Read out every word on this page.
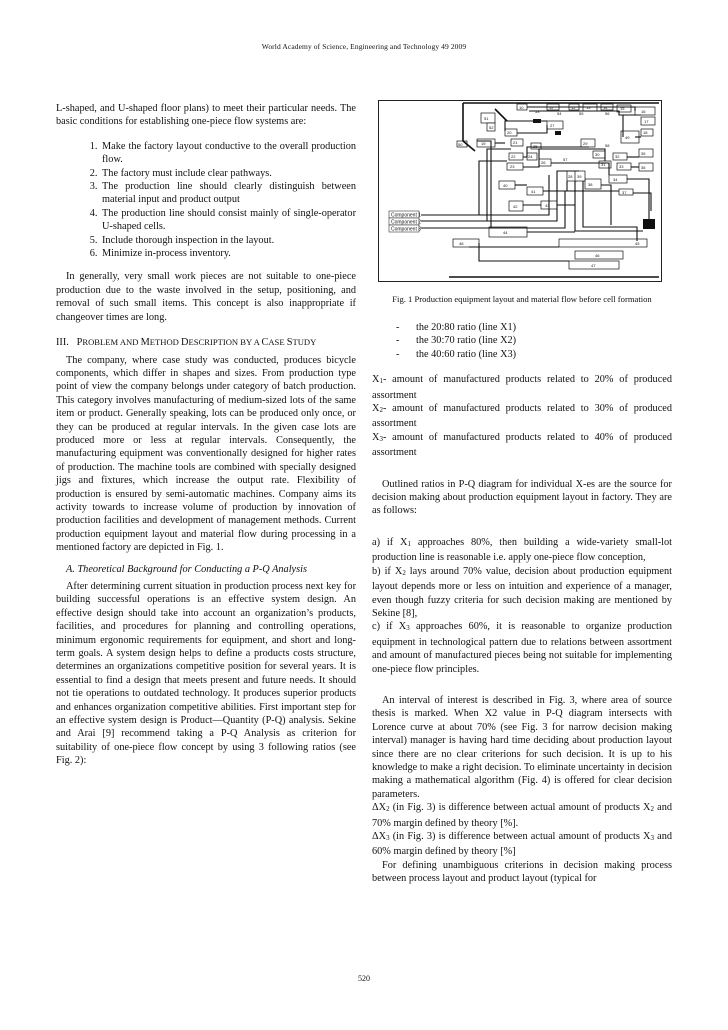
World Academy of Science, Engineering and Technology 49 2009

L-shaped, and U-shaped floor plans) to meet their particular needs. The basic conditions for establishing one-piece flow systems are:

1. Make the factory layout conductive to the overall production flow.
2. The factory must include clear pathways.
3. The production line should clearly distinguish between material input and product output
4. The production line should consist mainly of single-operator U-shaped cells.
5. Include thorough inspection in the layout.
6. Minimize in-process inventory.

In generally, very small work pieces are not suitable to one-piece production due to the waste involved in the setup, positioning, and removal of such small items. This concept is also inappropriate if changeover times are long.

III. PROBLEM AND METHOD DESCRIPTION BY A CASE STUDY

The company, where case study was conducted, produces bicycle components, which differ in shapes and sizes. From production type point of view the company belongs under category of batch production. This category involves manufacturing of medium-sized lots of the same item or product. Generally speaking, lots can be produced only once, or they can be produced at regular intervals. In the given case lots are produced more or less at regular intervals. Consequently, the manufacturing equipment was conventionally designed for higher rates of production. The machine tools are combined with specially designed jigs and fixtures, which increase the output rate. Flexibility of production is ensured by semi-automatic machines. Company aims its activity towards to increase volume of production by innovation of production facilities and development of management methods. Current production equipment layout and material flow during processing in a mentioned factory are depicted in Fig. 1.

A. Theoretical Background for Conducting a P-Q Analysis

After determining current situation in production process next key for building successful operations is an effective system design. An effective design should take into account an organization’s products, facilities, and procedures for planning and controlling operations, minimum ergonomic requirements for equipment, and short and long-term goals. A system design helps to define a products costs structure, determines an organizations competitive position for several years. It is essential to find a design that meets present and future needs. It should not tie operations to outdated technology. It produces superior products and enhances organization competitive abilities. First important step for an effective system design is Product—Quantity (P-Q) analysis. Sekine and Arai [9] recommend taking a P-Q Analysis as criterion for suitability of one-piece flow concept by using 3 following ratios (see Fig. 2):

10	11	12	13	14	15
16
17
18
19
20
21
22
23
24
25
26
27
28
29
30
31
32
33
34
35
36
37
38
39
40
41
42	43
44
45
46
47
48
49
50
51
52
53	54	55	56
57
58
Component 1
Component 2
Component 3

Fig. 1 Production equipment layout and material flow before cell formation

- the 20:80 ratio (line X1)
- the 30:70 ratio (line X2)
- the 40:60 ratio (line X3)

$X_1-$ amount of manufactured products related to 20% of produced assortment

$X_2-$ amount of manufactured products related to 30% of produced assortment

$X_3-$ amount of manufactured products related to 40% of produced assortment

Outlined ratios in P-Q diagram for individual X-es are the source for decision making about production equipment layout in factory. They are as follows:

a) if $X_1$ approaches 80%, then building a wide-variety small-lot production line is reasonable i.e. apply one-piece flow conception,

b) if $X_2$ lays around 70% value, decision about production equipment layout depends more or less on intuition and experience of a manager, even though fuzzy criteria for such decision making are mentioned by Sekine [8],

c) if $X_3$ approaches 60%, it is reasonable to organize production equipment in technological pattern due to relations between assortment and amount of manufactured pieces being not suitable for implementing one-piece flow principles.

An interval of interest is described in Fig. 3, where area of source thesis is marked. When X2 value in P-Q diagram intersects with Lorence curve at about 70% (see Fig. 3 for narrow decision making interval) manager is having hard time deciding about production layout since there are no clear criterions for such decision. It is up to his knowledge to make a right decision. To eliminate uncertainty in decision making a mathematical algorithm (Fig. 4) is offered for clear decision parameters.

$\Delta X_2$ (in Fig. 3) is difference between actual amount of products $X_2$ and 70% margin defined by theory [%].

$\Delta X_3$ (in Fig. 3) is difference between actual amount of products $X_3$ and 60% margin defined by theory [%]

For defining unambiguous criterions in decision making process between process layout and product layout (typical for

520
